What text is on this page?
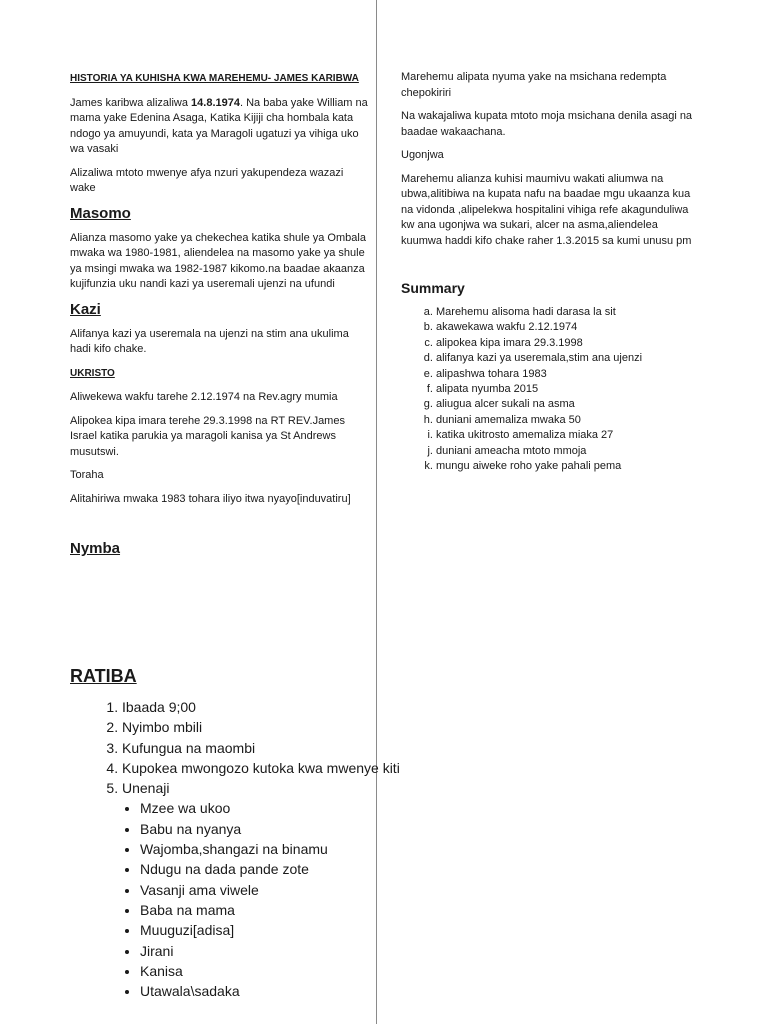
HISTORIA YA KUHISHA KWA MAREHEMU- JAMES KARIBWA

James karibwa alizaliwa 14.8.1974. Na baba yake William na mama yake Edenina Asaga, Katika Kijiji cha hombala kata ndogo ya amuyundi, kata ya Maragoli ugatuzi ya vihiga uko wa vasaki

Alizaliwa mtoto mwenye afya nzuri yakupendeza wazazi wake

Masomo

Alianza masomo yake ya chekechea katika shule ya Ombala mwaka wa 1980-1981, aliendelea na masomo yake ya shule ya msingi mwaka wa 1982-1987 kikomo.na baadae akaanza kujifunzia uku nandi kazi ya useremali ujenzi na ufundi

Kazi

Alifanya kazi ya useremala na ujenzi na stim ana ukulima hadi kifo chake.

UKRISTO

Aliwekewa wakfu tarehe 2.12.1974 na Rev.agry mumia

Alipokea kipa imara terehe 29.3.1998 na RT REV.James Israel katika parukia ya maragoli kanisa ya St Andrews musutswi.

Toraha

Alitahiriwa mwaka 1983 tohara iliyo itwa nyayo[induvatiru]

Nymba

Marehemu alipata nyuma yake na msichana redempta chepokiriri

Na wakajaliwa kupata mtoto moja msichana denila asagi na baadae wakaachana.

Ugonjwa

Marehemu alianza kuhisi maumivu wakati aliumwa na ubwa,alitibiwa na kupata nafu na baadae mgu ukaanza kua na vidonda ,alipelekwa hospitalini vihiga refe akagunduliwa kw ana ugonjwa wa sukari, alcer na asma,aliendelea kuumwa haddi kifo chake raher 1.3.2015 sa kumi unusu pm

Summary
a. Marehemu alisoma hadi darasa la sit
b. akawekawa wakfu 2.12.1974
c. alipokea kipa imara 29.3.1998
d. alifanya kazi ya useremala,stim ana ujenzi
e. alipashwa tohara 1983
f. alipata nyumba 2015
g. aliugua alcer sukali na asma
h. duniani amemaliza mwaka 50
i. katika ukitrosto amemaliza miaka 27
j. duniani ameacha mtoto mmoja
k. mungu aiweke roho yake pahali pema
RATIBA
1. Ibaada 9;00
2. Nyimbo mbili
3. Kufungua na maombi
4. Kupokea mwongozo kutoka kwa mwenye kiti
5. Unenaji
• Mzee wa ukoo
• Babu na nyanya
• Wajomba,shangazi na binamu
• Ndugu na dada pande zote
• Vasanji ama viwele
• Baba na mama
• Muuguzi[adisa]
• Jirani
• Kanisa
• Utawala\sadaka
